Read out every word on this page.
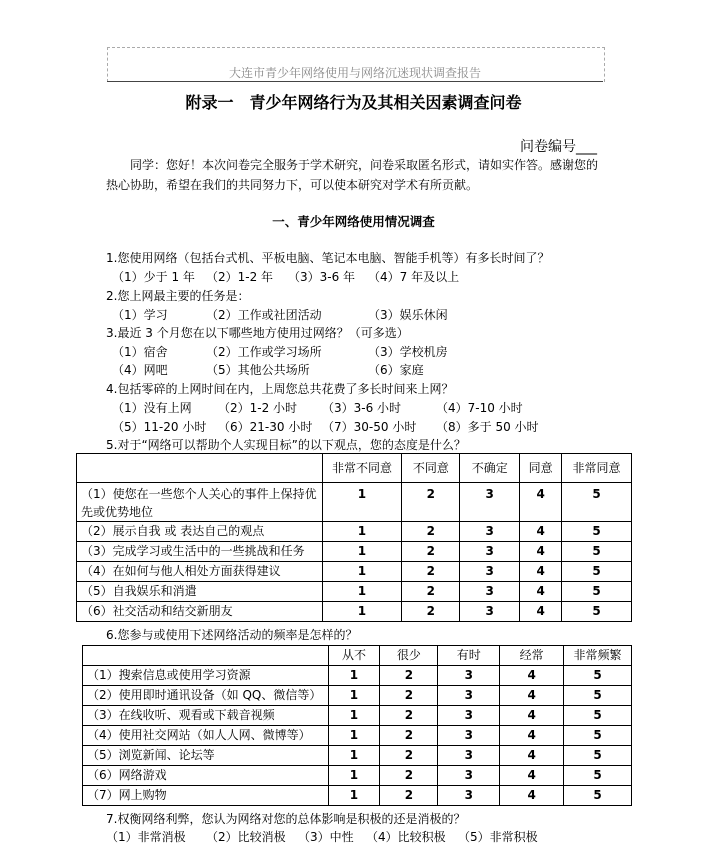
大连市青少年网络使用与网络沉迷现状调查报告
附录一　青少年网络行为及其相关因素调查问卷
问卷编号___
同学：您好！本次问卷完全服务于学术研究，问卷采取匿名形式，请如实作答。感谢您的热心协助，希望在我们的共同努力下，可以使本研究对学术有所贡献。
一、青少年网络使用情况调查
1.您使用网络（包括台式机、平板电脑、笔记本电脑、智能手机等）有多长时间了？
（1）少于 1 年 （2）1-2 年 （3）3-6 年 （4）7 年及以上
2.您上网最主要的任务是：
（1）学习	（2）工作或社团活动	（3）娱乐休闲
3.最近 3 个月您在以下哪些地方使用过网络？（可多选）
（1）宿舍	（2）工作或学习场所	（3）学校机房
（4）网吧	（5）其他公共场所	（6）家庭
4.包括零碎的上网时间在内，上周您总共花费了多长时间来上网？
（1）没有上网 （2）1-2 小时 （3）3-6 小时	（4）7-10 小时
（5）11-20 小时 （6）21-30 小时 （7）30-50 小时 （8）多于 50 小时
5.对于“网络可以帮助个人实现目标”的以下观点，您的态度是什么？
	非常不同意	不同意	不确定	同意	非常同意
（1）使您在一些您个人关心的事件上保持优先或优势地位	1	2	3	4	5
（2）展示自我 或 表达自己的观点	1	2	3	4	5
（3）完成学习或生活中的一些挑战和任务	1	2	3	4	5
（4）在如何与他人相处方面获得建议	1	2	3	4	5
（5）自我娱乐和消遣	1	2	3	4	5
（6）社交活动和结交新朋友	1	2	3	4	5
6.您参与或使用下述网络活动的频率是怎样的？
	从不	很少	有时	经常	非常频繁
（1）搜索信息或使用学习资源	1	2	3	4	5
（2）使用即时通讯设备（如 QQ、微信等）	1	2	3	4	5
（3）在线收听、观看或下载音视频	1	2	3	4	5
（4）使用社交网站（如人人网、微博等）	1	2	3	4	5
（5）浏览新闻、论坛等	1	2	3	4	5
（6）网络游戏	1	2	3	4	5
（7）网上购物	1	2	3	4	5
7.权衡网络利弊，您认为网络对您的总体影响是积极的还是消极的？
（1）非常消极 （2）比较消极 （3）中性 （4）比较积极 （5）非常积极
